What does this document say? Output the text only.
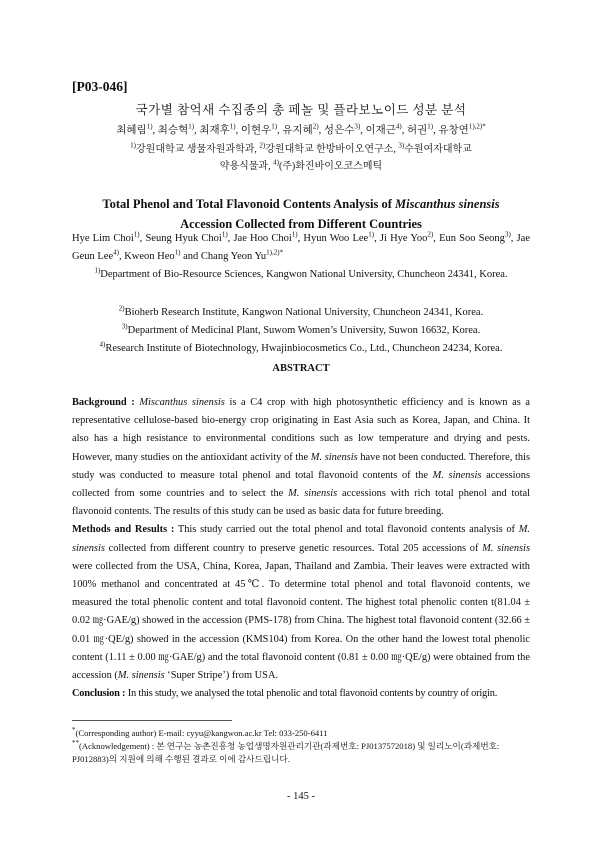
[P03-046]
국가별 참억새 수집종의 총 페놀 및 플라보노이드 성분 분석
최혜림$^{1)}$, 최승혁$^{1)}$, 최재후$^{1)}$, 이현우$^{1)}$, 유지혜$^{2)}$, 성은수$^{3)}$, 이재근$^{4)}$, 허권$^{1)}$, 유창연$^{1),2)*}$
$^{1)}$강원대학교 생물자원과학과, $^{2)}$강원대학교 한방바이오연구소, $^{3)}$수원여자대학교
약용식물과, $^{4)}$(주)화진바이오코스메틱
Total Phenol and Total Flavonoid Contents Analysis of Miscanthus sinensis
Accession Collected from Different Countries
Hye Lim Choi$^{1)}$, Seung Hyuk Choi$^{1)}$, Jae Hoo Choi$^{1)}$, Hyun Woo Lee$^{1)}$, Ji Hye Yoo$^{2)}$, Eun Soo Seong$^{3)}$, Jae Geun Lee$^{4)}$, Kweon Heo$^{1)}$ and Chang Yeon $Yu^{1),2)*}$
$^{1)}$Department of Bio-Resource Sciences, Kangwon National University, Chuncheon 24341, Korea.
$^{2)}$Bioherb Research Institute, Kangwon National University, Chuncheon 24341, Korea.
$^{3)}$Department of Medicinal Plant, Suwom Women’s University, Suwon 16632, Korea.
$^{4)}$Research Institute of Biotechnology, Hwajinbiocosmetics Co., Ltd., Chuncheon 24234, Korea.
ABSTRACT

Background : Miscanthus sinensis is a C4 crop with high photosynthetic efficiency and is known as a representative cellulose-based bio-energy crop originating in East Asia such as Korea, Japan, and China. It also has a high resistance to environmental conditions such as low temperature and drying and pests. However, many studies on the antioxidant activity of the M. sinensis have not been conducted. Therefore, this study was conducted to measure total phenol and total flavonoid contents of the M. sinensis accessions collected from some countries and to select the M. sinensis accessions with rich total phenol and total flavonoid contents. The results of this study can be used as basic data for future breeding.

Methods and Results : This study carried out the total phenol and total flavonoid contents analysis of M. sinensis collected from different country to preserve genetic resources. Total 205 accessions of M. sinensis were collected from the USA, China, Korea, Japan, Thailand and Zambia. Their leaves were extracted with 100% methanol and concentrated at 45℃. To determine total phenol and total flavonoid contents, we measured the total phenolic content and total flavonoid content. The highest total phenolic conten t(81.04 ± 0.02 ㎎·GAE/g) showed in the accession (PMS-178) from China. The highest total flavonoid content (32.66 ± 0.01 ㎎·QE/g) showed in the accession (KMS104) from Korea. On the other hand the lowest total phenolic content (1.11 ± 0.00 ㎎·GAE/g) and the total flavonoid content (0.81 ± 0.00 ㎎·QE/g) were obtained from the accession (M. sinensis ‘Super Stripe’) from USA.

Conclusion : In this study, we analysed the total phenolic and total flavonoid contents by country of origin.

*(Corresponding author) E-mail: cyyu@kangwon.ac.kr Tel: 033-250-6411
**(Acknowledgement) : 본 연구는 농촌진흥청 농업생명자원관리기관(과제번호: PJ0137572018) 및 일리노이(과제번호: PJ012883)의 지원에 의해 수행된 결과로 이에 감사드립니다.
- 145 -
